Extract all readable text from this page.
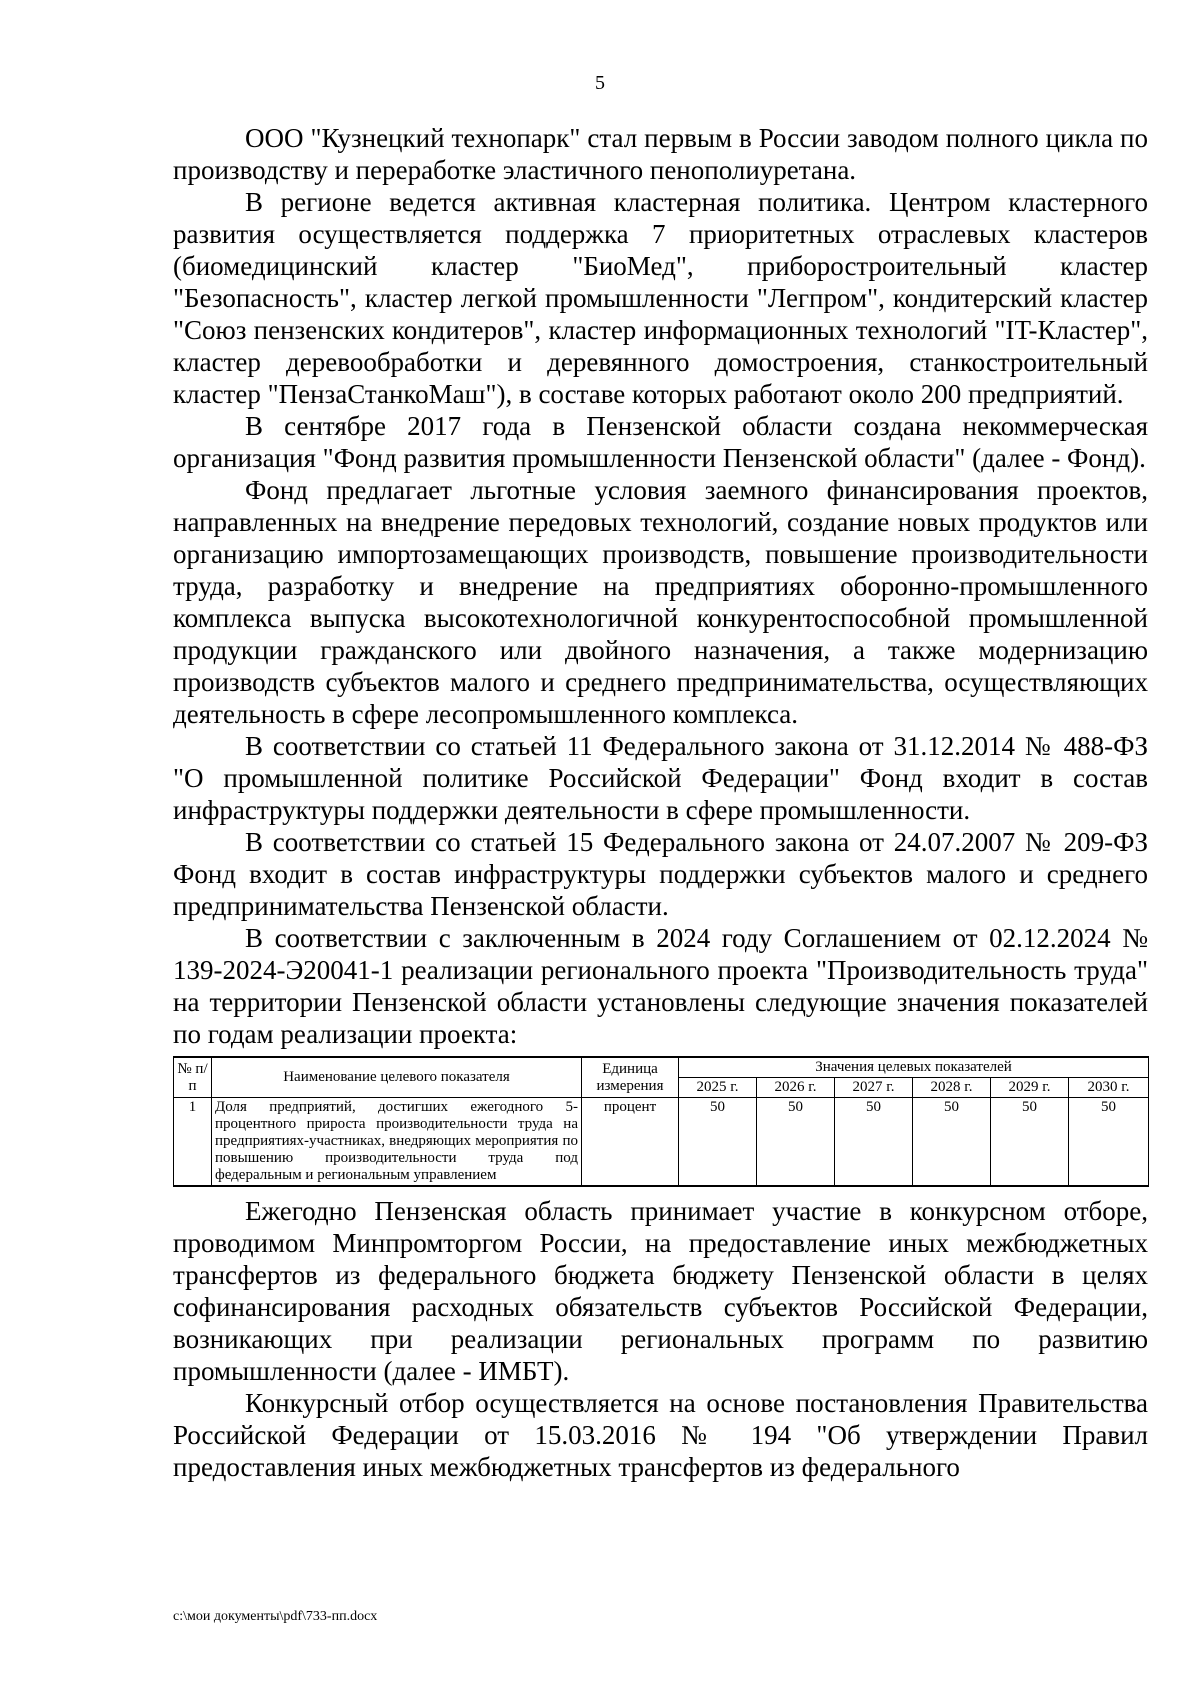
5

ООО "Кузнецкий технопарк" стал первым в России заводом полного цикла по производству и переработке эластичного пенополиуретана.

В регионе ведется активная кластерная политика. Центром кластерного развития осуществляется поддержка 7 приоритетных отраслевых кластеров (биомедицинский кластер "БиоМед", приборостроительный кластер "Безопасность", кластер легкой промышленности "Легпром", кондитерский кластер "Союз пензенских кондитеров", кластер информационных технологий "IT-Кластер", кластер деревообработки и деревянного домостроения, станкостроительный кластер "ПензаСтанкоМаш"), в составе которых работают около 200 предприятий.

В сентябре 2017 года в Пензенской области создана некоммерческая организация "Фонд развития промышленности Пензенской области" (далее - Фонд).

Фонд предлагает льготные условия заемного финансирования проектов, направленных на внедрение передовых технологий, создание новых продуктов или организацию импортозамещающих производств, повышение производительности труда, разработку и внедрение на предприятиях оборонно-промышленного комплекса выпуска высокотехнологичной конкурентоспособной промышленной продукции гражданского или двойного назначения, а также модернизацию производств субъектов малого и среднего предпринимательства, осуществляющих деятельность в сфере лесопромышленного комплекса.

В соответствии со статьей 11 Федерального закона от 31.12.2014 № 488-ФЗ "О промышленной политике Российской Федерации" Фонд входит в состав инфраструктуры поддержки деятельности в сфере промышленности.

В соответствии со статьей 15 Федерального закона от 24.07.2007 № 209-ФЗ Фонд входит в состав инфраструктуры поддержки субъектов малого и среднего предпринимательства Пензенской области.

В соответствии с заключенным в 2024 году Соглашением от 02.12.2024 № 139-2024-Э20041-1 реализации регионального проекта "Производительность труда" на территории Пензенской области установлены следующие значения показателей по годам реализации проекта:

№ п/п	Наименование целевого показателя	Единица измерения	Значения целевых показателей					
			2025 г.	2026 г.	2027 г.	2028 г.	2029 г.	2030 г.
1	Доля предприятий, достигших ежегодного 5-процентного прироста производительности труда на предприятиях-участниках, внедряющих мероприятия по повышению производительности труда под федеральным и региональным управлением	процент	50	50	50	50	50	50

Ежегодно Пензенская область принимает участие в конкурсном отборе, проводимом Минпромторгом России, на предоставление иных межбюджетных трансфертов из федерального бюджета бюджету Пензенской области в целях софинансирования расходных обязательств субъектов Российской Федерации, возникающих при реализации региональных программ по развитию промышленности (далее - ИМБТ).

Конкурсный отбор осуществляется на основе постановления Правительства Российской Федерации от 15.03.2016 № 194 "Об утверждении Правил предоставления иных межбюджетных трансфертов из федерального

c:\мои документы\pdf\733-пп.docx
